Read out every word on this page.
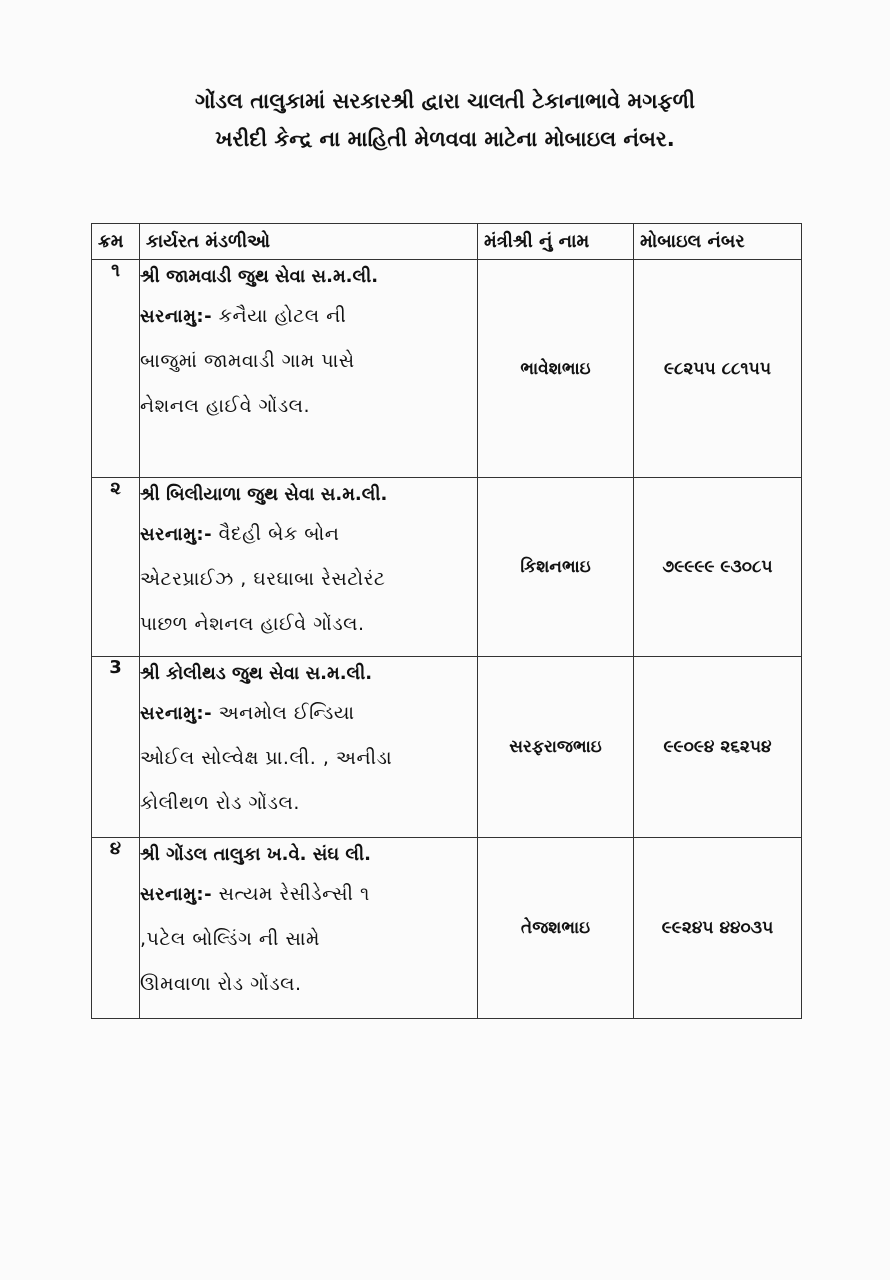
ગોંડલ તાલુકામાં સરકારશ્રી દ્વારા ચાલતી ટેકાનાભાવે મગફળી
ખરીદી કેન્દ્ર ના માહિતી મેળવવા માટેના મોબાઇલ નંબર.
ક્રમ	કાર્યરત મંડળીઓ	મંત્રીશ્રી નું નામ	મોબાઇલ નંબર
૧	શ્રી જામવાડી જુથ સેવા સ.મ.લી.
સરનામુ:- કનૈયા હોટલ ની
બાજુમાં જામવાડી ગામ પાસે
નેશનલ હાઈવે ગોંડલ.	ભાવેશભાઇ	૯૮૨૫૫ ૮૮૧૫૫
૨	શ્રી બિલીયાળા જુથ સેવા સ.મ.લી.
સરનામુ:- વૈદહી બેક બોન
એટરપ્રાઈઝ , ઘરઘાબા રેસટોરંટ
પાછળ નેશનલ હાઈવે ગોંડલ.	કિશનભાઇ	૭૯૯૯૯ ૯૩૦૮૫
3	શ્રી કોલીથડ જુથ સેવા સ.મ.લી.
સરનામુ:- અનમોલ ઈન્ડિયા
ઓઈલ સોલ્વેક્ષ પ્રા.લી. , અનીડા
કોલીથળ રોડ ગોંડલ.	સરફરાજભાઇ	૯૯૦૯૪ ૨૬૨૫૪
૪	શ્રી ગોંડલ તાલુકા ખ.વે. સંઘ લી.
સરનામુ:- સત્યમ રેસીડેન્સી ૧
,પટેલ બોલ્ડિંગ ની સામે
ઊમવાળા રોડ ગોંડલ.	તેજશભાઇ	૯૯૨૪૫ ૪૪૦૩૫
